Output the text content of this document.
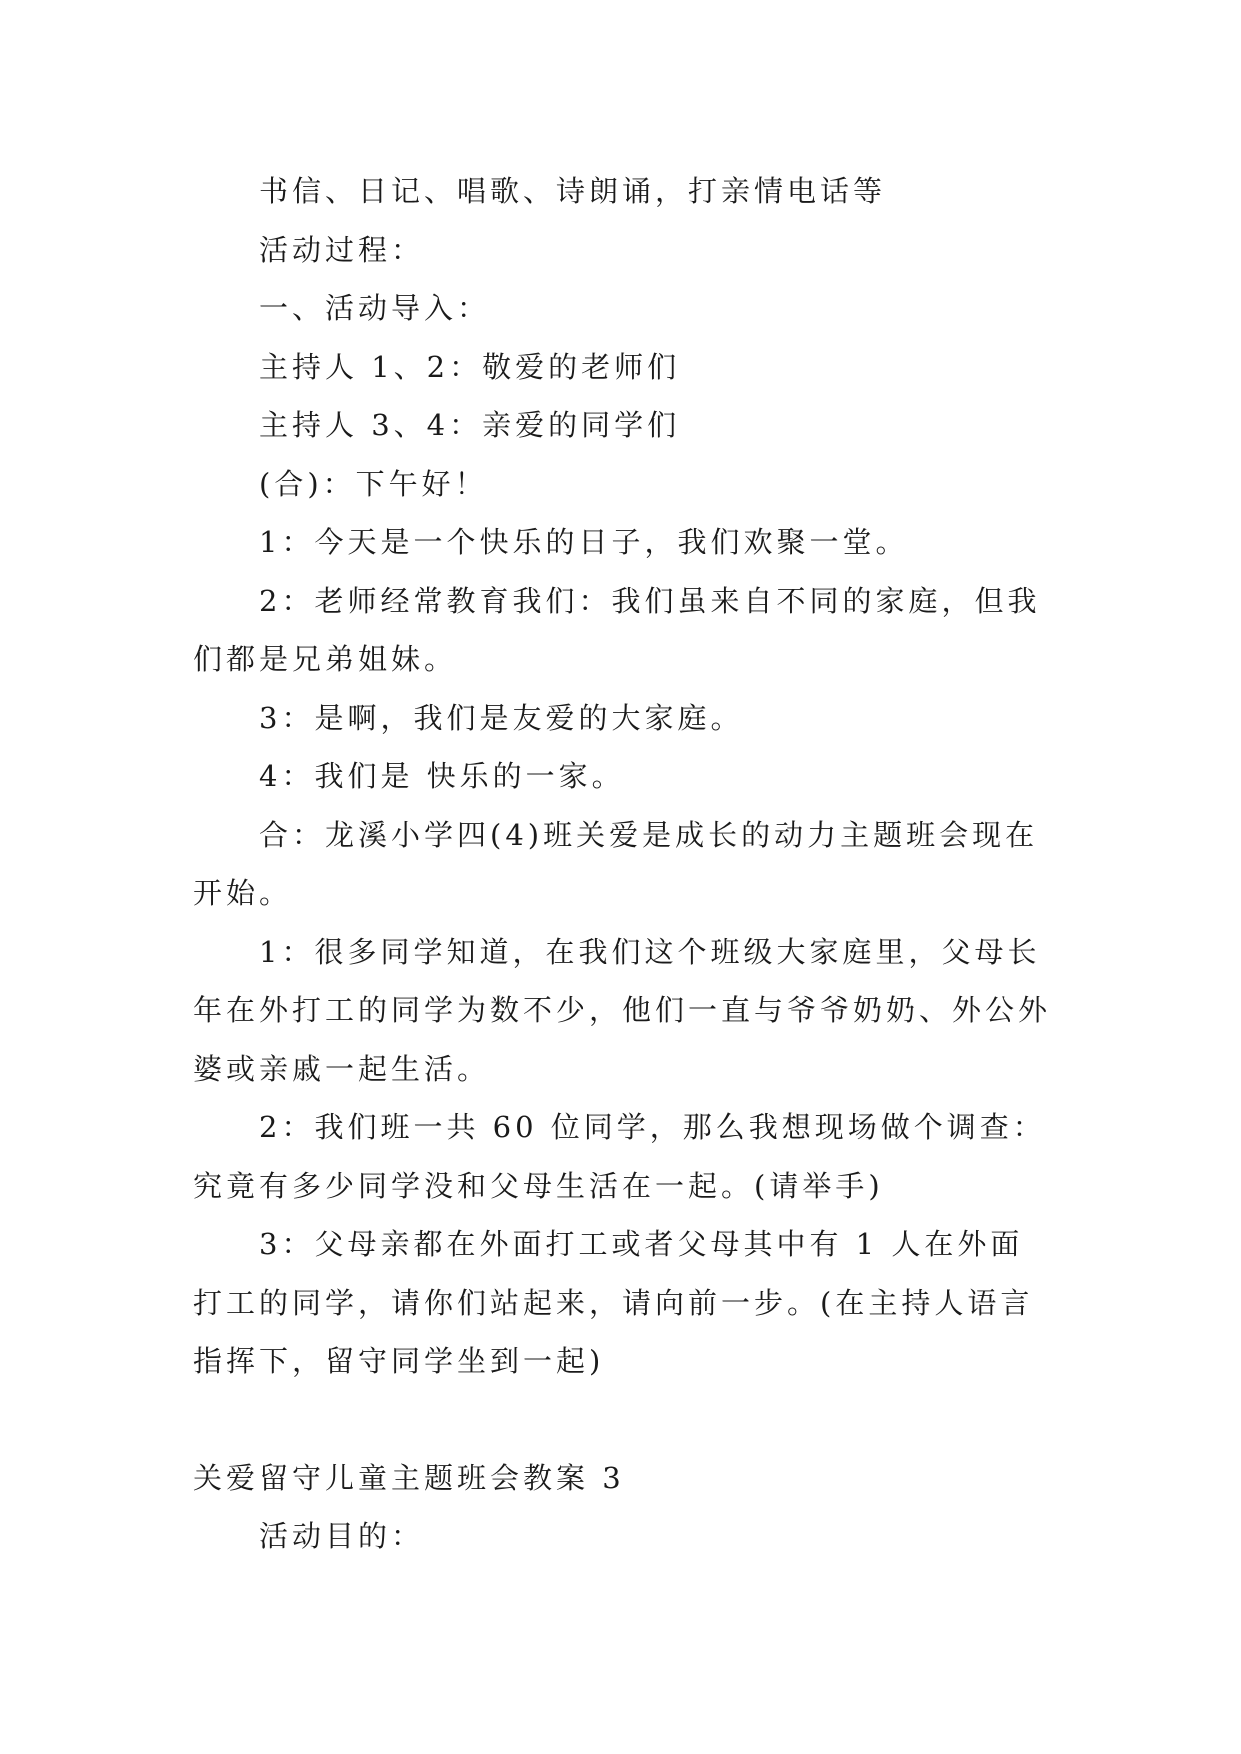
书信、日记、唱歌、诗朗诵，打亲情电话等

活动过程：

一、活动导入：

主持人 1、2：敬爱的老师们

主持人 3、4：亲爱的同学们

(合)：下午好！

1：今天是一个快乐的日子，我们欢聚一堂。

2：老师经常教育我们：我们虽来自不同的家庭，但我们都是兄弟姐妹。

3：是啊，我们是友爱的大家庭。

4：我们是 快乐的一家。

合：龙溪小学四(4)班关爱是成长的动力主题班会现在开始。

1：很多同学知道，在我们这个班级大家庭里，父母长年在外打工的同学为数不少，他们一直与爷爷奶奶、外公外婆或亲戚一起生活。

2：我们班一共 60 位同学，那么我想现场做个调查：究竟有多少同学没和父母生活在一起。(请举手)

3：父母亲都在外面打工或者父母其中有 1 人在外面打工的同学，请你们站起来，请向前一步。(在主持人语言指挥下，留守同学坐到一起)

关爱留守儿童主题班会教案 3

活动目的：
